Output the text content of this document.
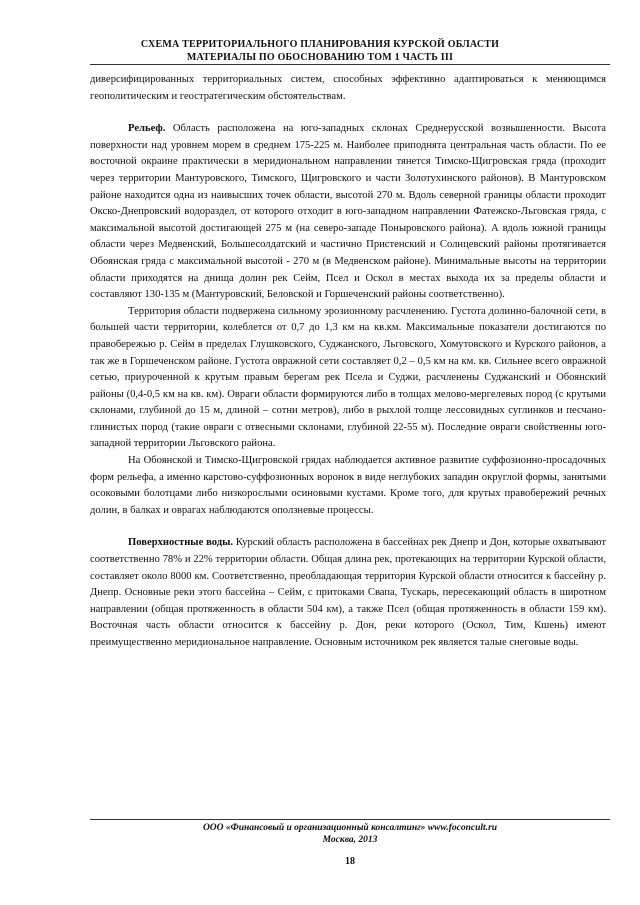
СХЕМА ТЕРРИТОРИАЛЬНОГО ПЛАНИРОВАНИЯ КУРСКОЙ ОБЛАСТИ
МАТЕРИАЛЫ ПО ОБОСНОВАНИЮ ТОМ 1 ЧАСТЬ III

диверсифицированных территориальных систем, способных эффективно адаптироваться к меняющимся геополитическим и геостратегическим обстоятельствам.

Рельеф. Область расположена на юго-западных склонах Среднерусской возвышенности. Высота поверхности над уровнем морем в среднем 175-225 м. Наиболее приподнята центральная часть области. По ее восточной окраине практически в меридиональном направлении тянется Тимско-Щигровская гряда (проходит через территории Мантуровского, Тимского, Щигровского и части Золотухинского районов). В Мантуровском районе находится одна из наивысших точек области, высотой 270 м. Вдоль северной границы области проходит Окско-Днепровский водораздел, от которого отходит в юго-западном направлении Фатежско-Льговская гряда, с максимальной высотой достигающей 275 м (на северо-западе Поныровского района). А вдоль южной границы области через Медвенский, Большесолдатский и частично Пристенский и Солнцевский районы протягивается Обоянская гряда с максимальной высотой - 270 м (в Медвенском районе). Минимальные высоты на территории области приходятся на днища долин рек Сейм, Псел и Оскол в местах выхода их за пределы области и составляют 130-135 м (Мантуровский, Беловской и Горшеченский районы соответственно).

Территория области подвержена сильному эрозионному расчленению. Густота долинно-балочной сети, в большей части территории, колеблется от 0,7 до 1,3 км на кв.км. Максимальные показатели достигаются по правобережью р. Сейм в пределах Глушковского, Суджанского, Льговского, Хомутовского и Курского районов, а так же в Горшеченском районе. Густота овражной сети составляет 0,2 – 0,5 км на км. кв. Сильнее всего овражной сетью, приуроченной к крутым правым берегам рек Псела и Суджи, расчленены Суджанский и Обоянский районы (0,4-0,5 км на кв. км). Овраги области формируются либо в толщах мелово-мергелевых пород (с крутыми склонами, глубиной до 15 м, длиной – сотни метров), либо в рыхлой толще лессовидных суглинков и песчано-глинистых пород (такие овраги с отвесными склонами, глубиной 22-55 м). Последние овраги свойственны юго-западной территории Льговского района.

На Обоянской и Тимско-Щигровской грядах наблюдается активное развитие суффозионно-просадочных форм рельефа, а именно карстово-суффозионных воронок в виде неглубоких западин округлой формы, занятыми осоковыми болотцами либо низкорослыми осиновыми кустами. Кроме того, для крутых правобережий речных долин, в балках и оврагах наблюдаются оползневые процессы.

Поверхностные воды. Курский область расположена в бассейнах рек Днепр и Дон, которые охватывают соответственно 78% и 22% территории области. Общая длина рек, протекающих на территории Курской области, составляет около 8000 км. Соответственно, преобладающая территория Курской области относится к бассейну р. Днепр. Основные реки этого бассейна – Сейм, с притоками Свапа, Тускарь, пересекающий область в широтном направлении (общая протяженность в области 504 км), а также Псел (общая протяженность в области 159 км). Восточная часть области относится к бассейну р. Дон, реки которого (Оскол, Тим, Кшень) имеют преимущественно меридиональное направление. Основным источником рек является талые снеговые воды.

ООО «Финансовый и организационный консалтинг» www.foconcult.ru
Москва, 2013
18
